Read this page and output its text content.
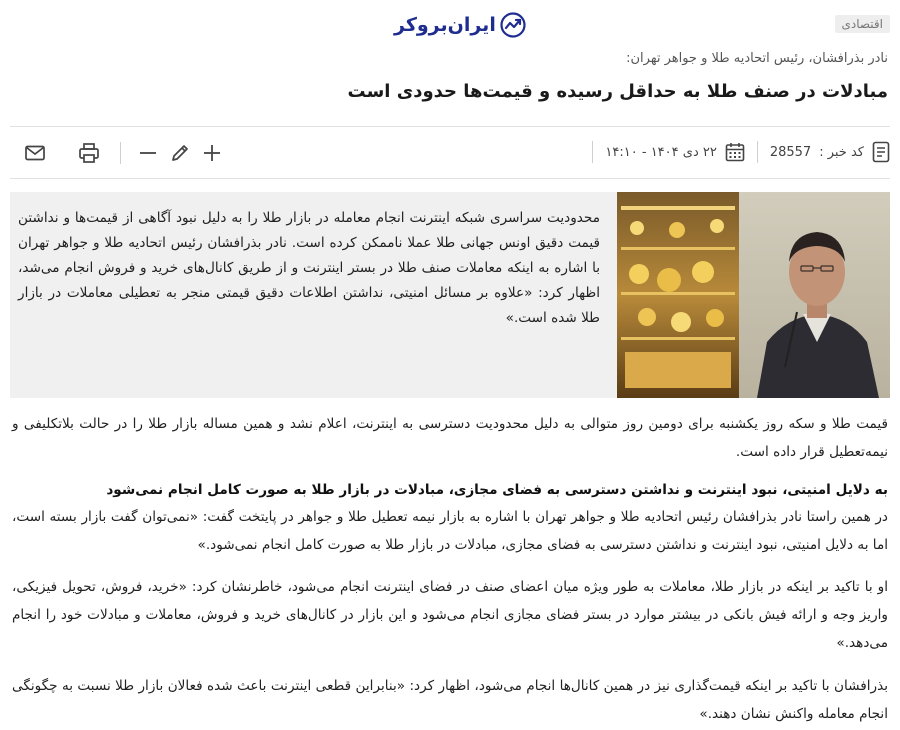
اقتصادی
ایران‌بروکر
نادر بذرافشان، رئیس اتحادیه طلا و جواهر تهران:
مبادلات در صنف طلا به حداقل رسیده و قیمت‌ها حدودی است
کد خبر :
28557
۲۲ دی ۱۴۰۴ - ۱۴:۱۰

محدودیت سراسری شبکه اینترنت انجام معامله در بازار طلا را به دلیل نبود آگاهی از قیمت‌ها و نداشتن قیمت دقیق اونس جهانی طلا عملا ناممکن کرده است. نادر بذرافشان رئیس اتحادیه طلا و جواهر تهران با اشاره به اینکه معاملات صنف طلا در بستر اینترنت و از طریق کانال‌های خرید و فروش انجام می‌شد، اظهار کرد: «علاوه بر مسائل امنیتی، نداشتن اطلاعات دقیق قیمتی منجر به تعطیلی معاملات در بازار طلا شده است.»

قیمت طلا و سکه روز یکشنبه برای دومین روز متوالی به دلیل محدودیت دسترسی به اینترنت، اعلام نشد و همین مساله بازار طلا را در حالت بلاتکلیفی و نیمه‌تعطیل قرار داده است.

به دلایل امنیتی، نبود اینترنت و نداشتن دسترسی به فضای مجازی، مبادلات در بازار طلا به صورت کامل انجام نمی‌شود

در همین راستا نادر بذرافشان رئیس اتحادیه طلا و جواهر تهران با اشاره به بازار نیمه تعطیل طلا و جواهر در پایتخت گفت: «نمی‌توان گفت بازار بسته است، اما به دلایل امنیتی، نبود اینترنت و نداشتن دسترسی به فضای مجازی، مبادلات در بازار طلا به صورت کامل انجام نمی‌شود.»

او با تاکید بر اینکه در بازار طلا، معاملات به طور ویژه میان اعضای صنف در فضای اینترنت انجام می‌شود، خاطرنشان کرد: «خرید، فروش، تحویل فیزیکی، واریز وجه و ارائه فیش بانکی در بیشتر موارد در بستر فضای مجازی انجام می‌شود و این بازار در کانال‌های خرید و فروش، معاملات و مبادلات خود را انجام می‌دهد.»

بذرافشان با تاکید بر اینکه قیمت‌گذاری نیز در همین کانال‌ها انجام می‌شود، اظهار کرد: «بنابراین قطعی اینترنت باعث شده فعالان بازار طلا نسبت به چگونگی انجام معامله واکنش نشان دهند.»
